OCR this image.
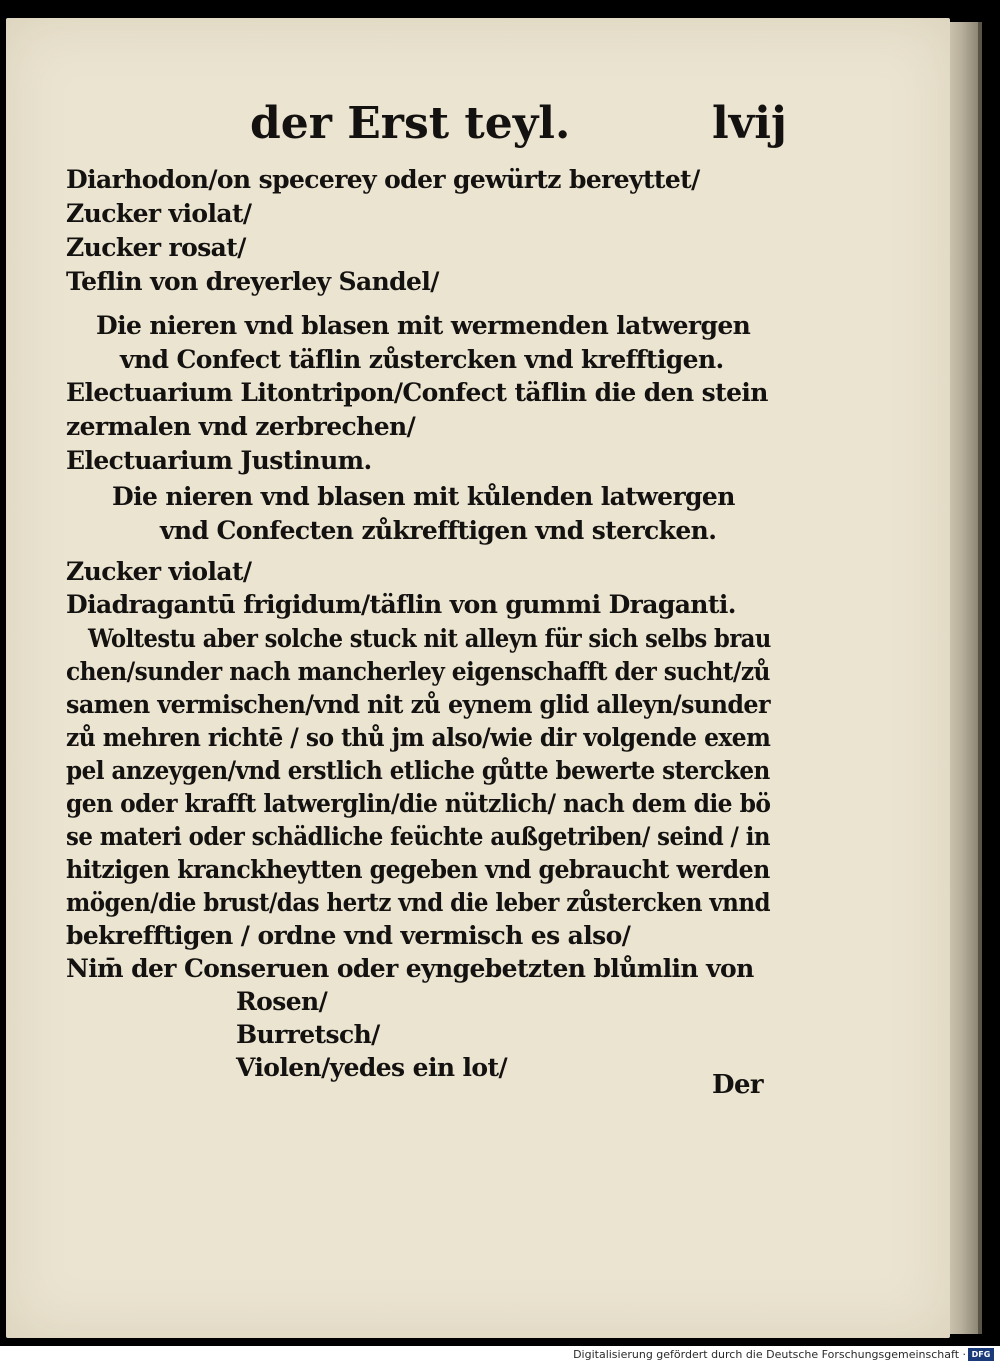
der Erst teyl.	lvij
Diarhodon/on specerey oder gewürtz bereyttet/
Zucker violat/
Zucker rosat/
Teflin von dreyerley Sandel/
Die nieren vnd blasen mit wermenden latwergen
vnd Confect täflin zůstercken vnd krefftigen.
Electuarium Litontripon/Confect täflin die den stein
zermalen vnd zerbrechen/
Electuarium Justinum.
Die nieren vnd blasen mit kůlenden latwergen
vnd Confecten zůkrefftigen vnd stercken.
Zucker violat/
Diadragantū frigidum/täflin von gummi Draganti.
Woltestu aber solche stuck nit alleyn für sich selbs brau
chen/sunder nach mancherley eigenschafft der sucht/zů
samen vermischen/vnd nit zů eynem glid alleyn/sunder
zů mehren richtē / so thů jm also/wie dir volgende exem
pel anzeygen/vnd erstlich etliche gůtte bewerte stercken
gen oder krafft latwerglin/die nützlich/ nach dem die bö
se materi oder schädliche feüchte außgetriben/ seind / in
hitzigen kranckheytten gegeben vnd gebraucht werden
mögen/die brust/das hertz vnd die leber zůstercken vnnd
bekrefftigen / ordne vnd vermisch es also/
Nim̄ der Conseruen oder eyngebetzten blůmlin von
Rosen/
Burretsch/
Violen/yedes ein lot/
Der
Digitalisierung gefördert durch die Deutsche Forschungsgemeinschaft · DFG
